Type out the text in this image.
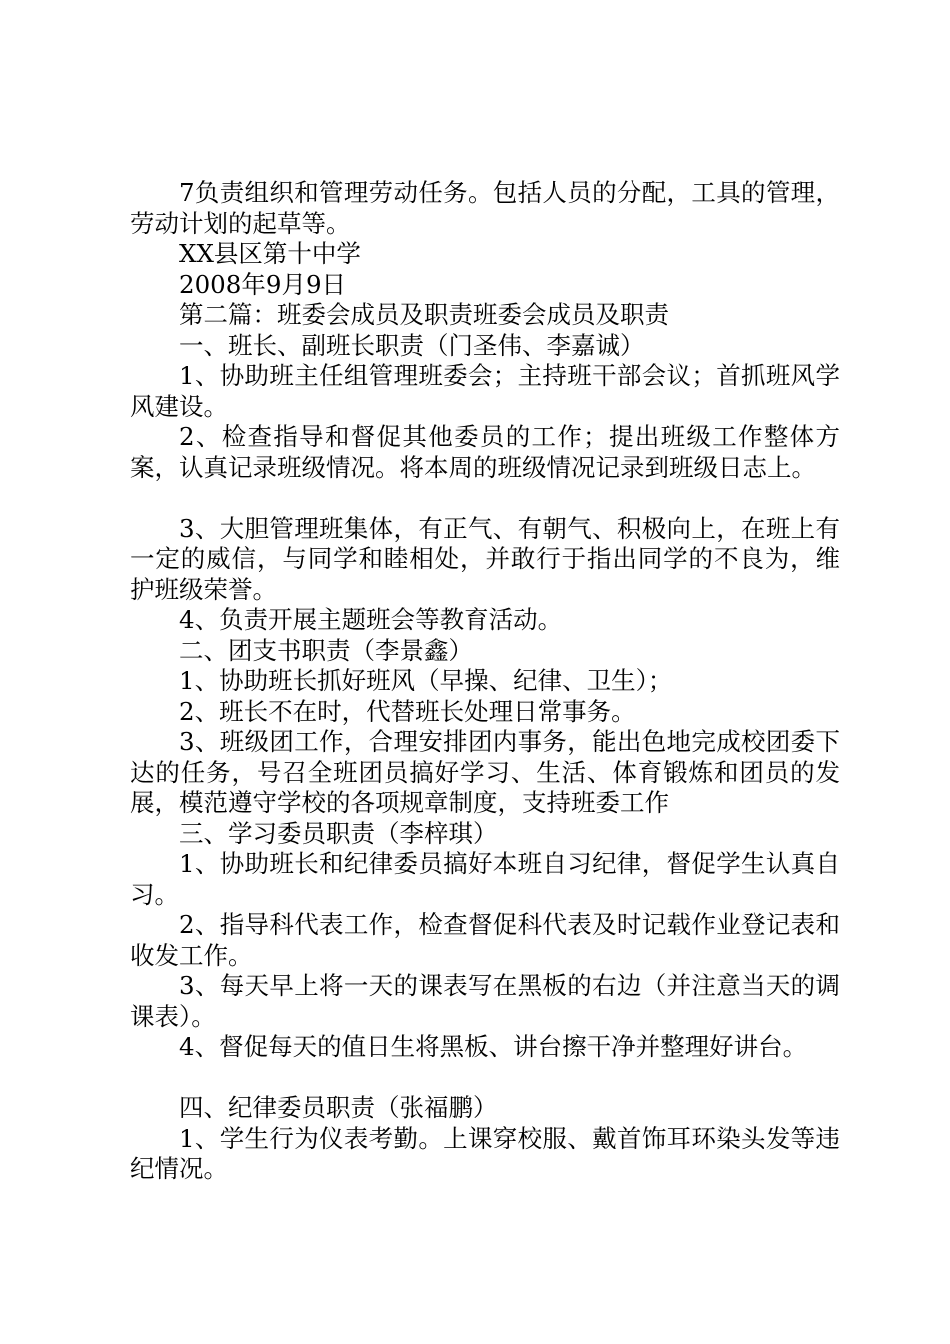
7负责组织和管理劳动任务。包括人员的分配，工具的管理，劳动计划的起草等。

XX县区第十中学

2008年9月9日

第二篇：班委会成员及职责班委会成员及职责

一、班长、副班长职责（门圣伟、李嘉诚）

1、协助班主任组管理班委会；主持班干部会议；首抓班风学风建设。

2、检查指导和督促其他委员的工作；提出班级工作整体方案，认真记录班级情况。将本周的班级情况记录到班级日志上。

3、大胆管理班集体，有正气、有朝气、积极向上，在班上有一定的威信，与同学和睦相处，并敢行于指出同学的不良为，维护班级荣誉。

4、负责开展主题班会等教育活动。

二、团支书职责（李景鑫）

1、协助班长抓好班风（早操、纪律、卫生）；

2、班长不在时，代替班长处理日常事务。

3、班级团工作，合理安排团内事务，能出色地完成校团委下达的任务，号召全班团员搞好学习、生活、体育锻炼和团员的发展，模范遵守学校的各项规章制度，支持班委工作

三、学习委员职责（李梓琪）

1、协助班长和纪律委员搞好本班自习纪律，督促学生认真自习。

2、指导科代表工作，检查督促科代表及时记载作业登记表和收发工作。

3、每天早上将一天的课表写在黑板的右边（并注意当天的调课表）。

4、督促每天的值日生将黑板、讲台擦干净并整理好讲台。

四、纪律委员职责（张福鹏）

1、学生行为仪表考勤。上课穿校服、戴首饰耳环染头发等违纪情况。
